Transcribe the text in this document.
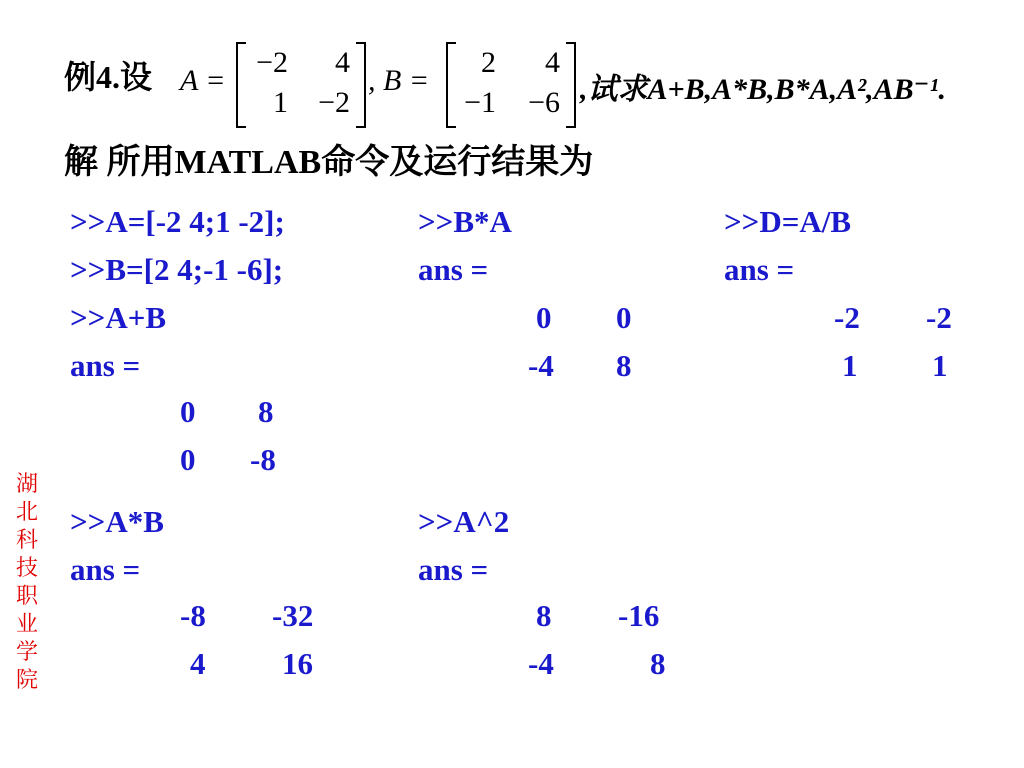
例4.设 A =
−2	4
1	−2
, B =
2	4
−1	−6 ,试求A+B,A*B,B*A,A²,AB⁻¹.
解 所用MATLAB命令及运行结果为
>>A=[-2 4;1 -2];
>>B=[2 4;-1 -6];
>>A+B
ans =
0 8
0 -8
>>B*A
ans =
0 0
-4 8
>>D=A/B
ans =
-2 -2
1 1
>>A*B
ans =
-8 -32
4 16
>>A^2
ans =
8 -16
-4	8
湖
北
科
技
职
业
学
院
